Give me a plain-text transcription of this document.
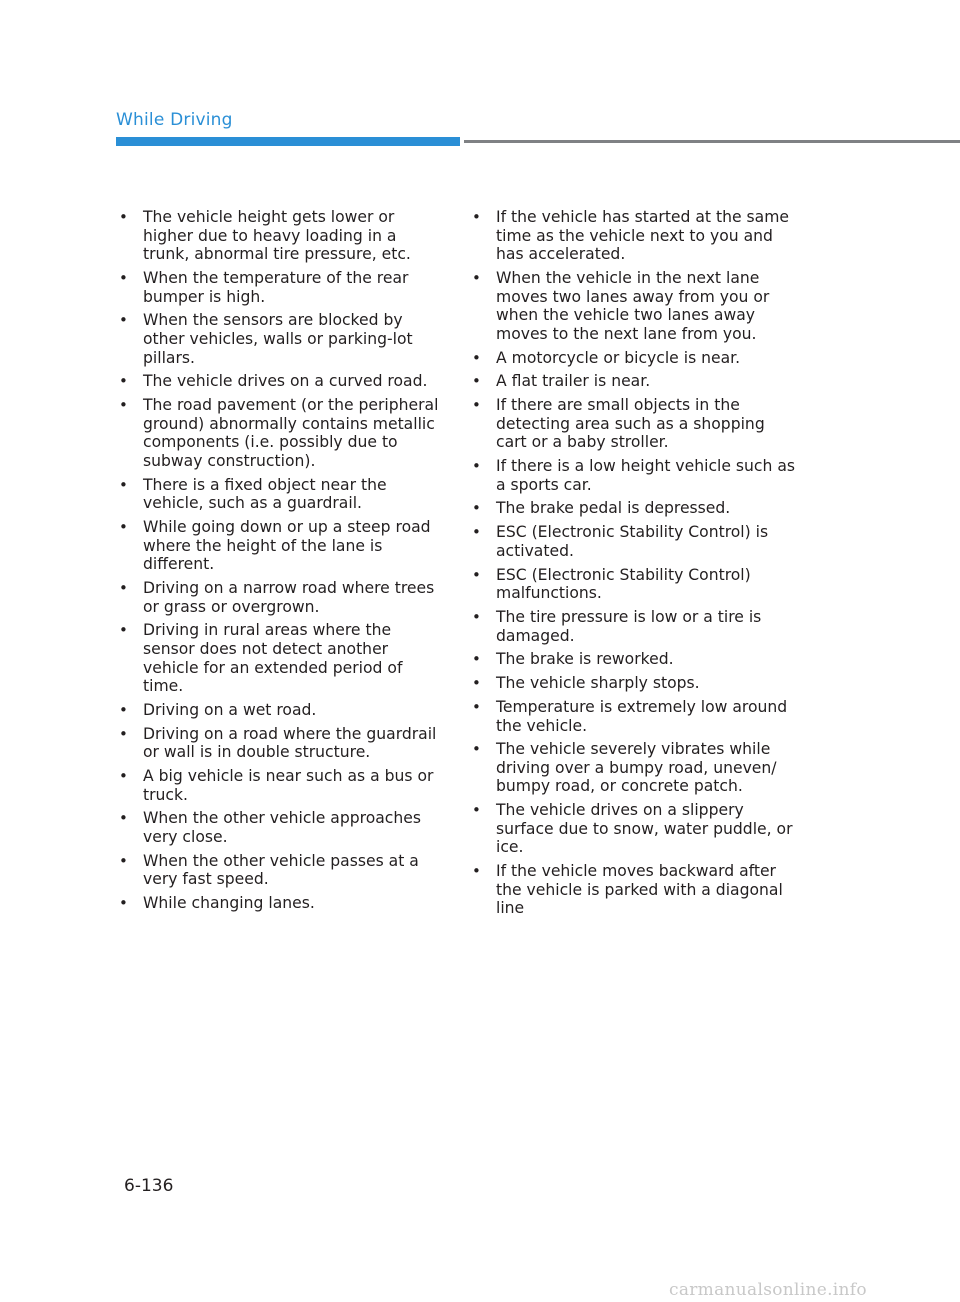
While Driving
• The vehicle height gets lower or higher due to heavy loading in a trunk, abnormal tire pressure, etc.
• When the temperature of the rear bumper is high.
• When the sensors are blocked by other vehicles, walls or parking-lot pillars.
• The vehicle drives on a curved road.
• The road pavement (or the peripheral ground) abnormally contains metallic components (i.e. possibly due to subway construction).
• There is a fixed object near the vehicle, such as a guardrail.
• While going down or up a steep road where the height of the lane is different.
• Driving on a narrow road where trees or grass or overgrown.
• Driving in rural areas where the sensor does not detect another vehicle for an extended period of time.
• Driving on a wet road.
• Driving on a road where the guardrail or wall is in double structure.
• A big vehicle is near such as a bus or truck.
• When the other vehicle approaches very close.
• When the other vehicle passes at a very fast speed.
• While changing lanes.
• If the vehicle has started at the same time as the vehicle next to you and has accelerated.
• When the vehicle in the next lane moves two lanes away from you or when the vehicle two lanes away moves to the next lane from you.
• A motorcycle or bicycle is near.
• A flat trailer is near.
• If there are small objects in the detecting area such as a shopping cart or a baby stroller.
• If there is a low height vehicle such as a sports car.
• The brake pedal is depressed.
• ESC (Electronic Stability Control) is activated.
• ESC (Electronic Stability Control) malfunctions.
• The tire pressure is low or a tire is damaged.
• The brake is reworked.
• The vehicle sharply stops.
• Temperature is extremely low around the vehicle.
• The vehicle severely vibrates while driving over a bumpy road, uneven/ bumpy road, or concrete patch.
• The vehicle drives on a slippery surface due to snow, water puddle, or ice.
• If the vehicle moves backward after the vehicle is parked with a diagonal line
6-136
carmanualsonline.info
